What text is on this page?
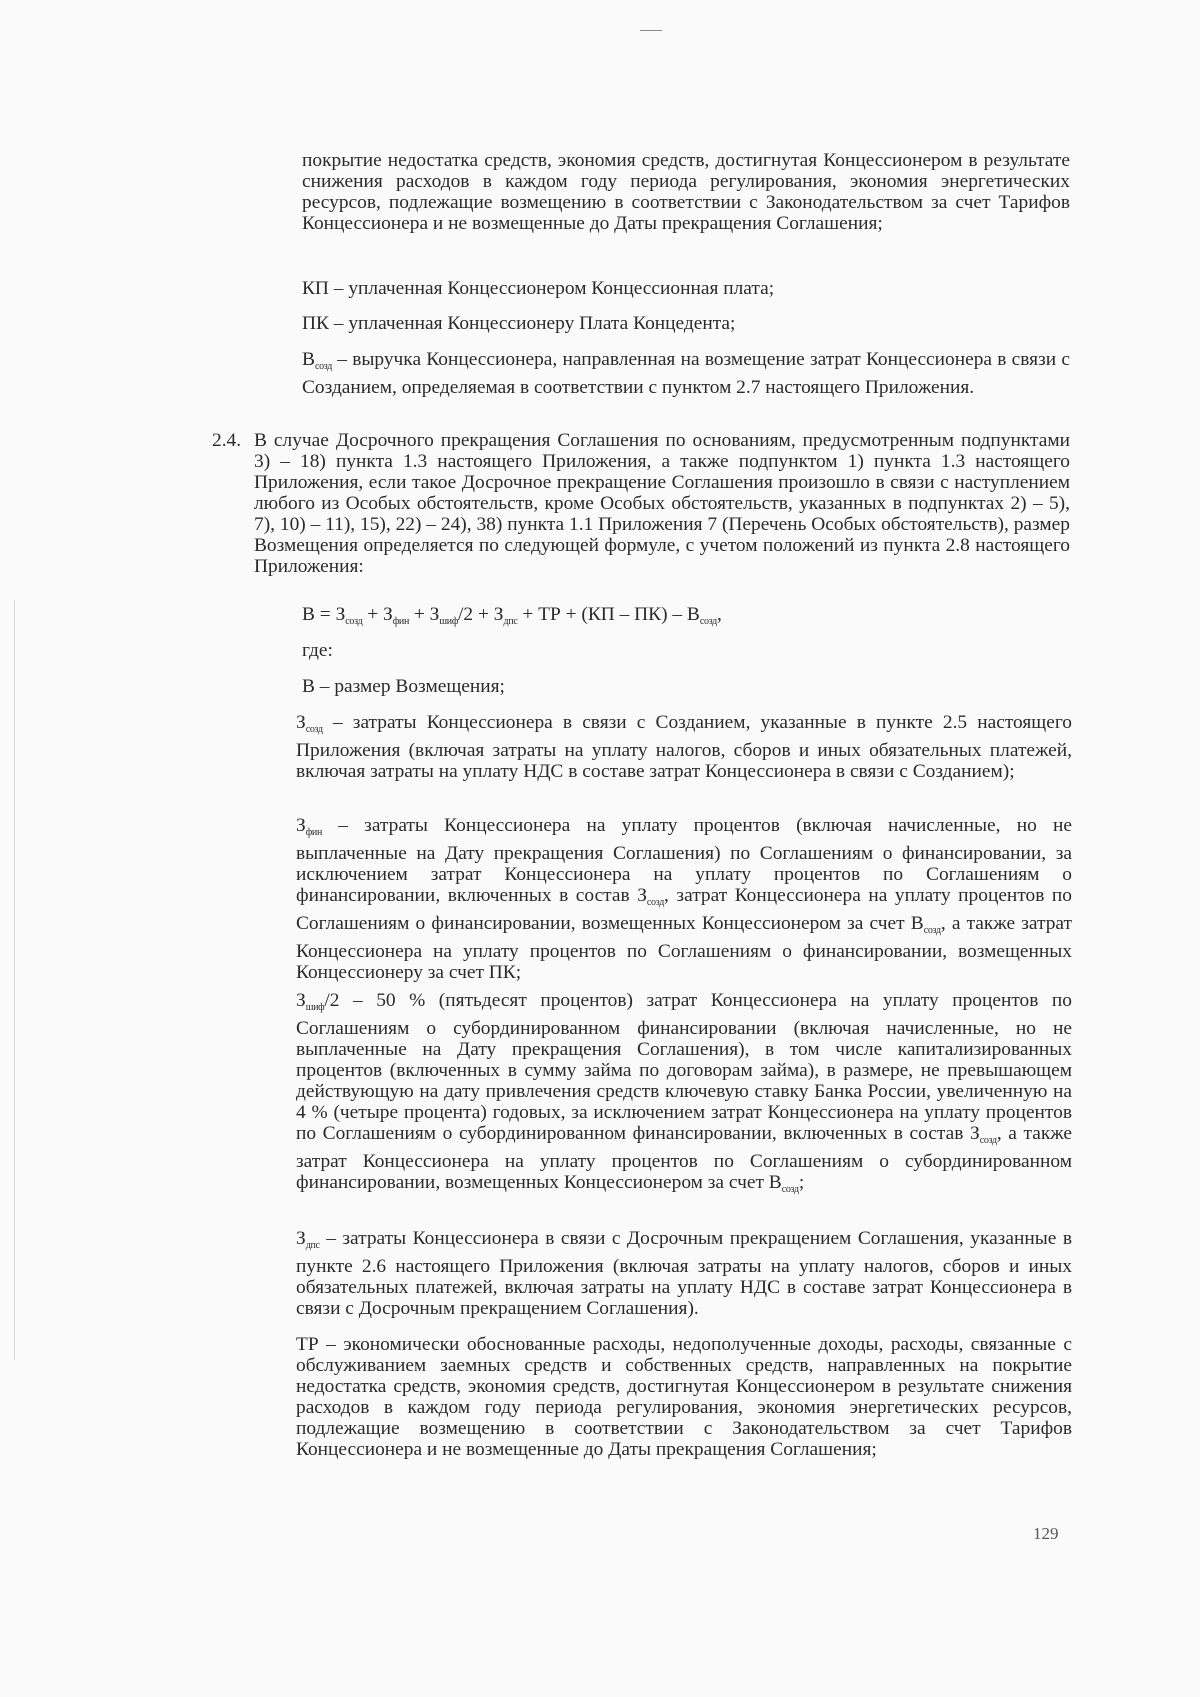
покрытие недостатка средств, экономия средств, достигнутая Концессионером в результате снижения расходов в каждом году периода регулирования, экономия энергетических ресурсов, подлежащие возмещению в соответствии с Законодательством за счет Тарифов Концессионера и не возмещенные до Даты прекращения Соглашения;

КП – уплаченная Концессионером Концессионная плата;

ПК – уплаченная Концессионеру Плата Концедента;

$В_{созд}$ – выручка Концессионера, направленная на возмещение затрат Концессионера в связи с Созданием, определяемая в соответствии с пунктом 2.7 настоящего Приложения.

2.4. В случае Досрочного прекращения Соглашения по основаниям, предусмотренным подпунктами 3) – 18) пункта 1.3 настоящего Приложения, а также подпунктом 1) пункта 1.3 настоящего Приложения, если такое Досрочное прекращение Соглашения произошло в связи с наступлением любого из Особых обстоятельств, кроме Особых обстоятельств, указанных в подпунктах 2) – 5), 7), 10) – 11), 15), 22) – 24), 38) пункта 1.1 Приложения 7 (Перечень Особых обстоятельств), размер Возмещения определяется по следующей формуле, с учетом положений из пункта 2.8 настоящего Приложения:

$В = З_{созд} + З_{фин} + З_{шиф}/2 + З_{дпс}$ + ТР + $(КП - ПК) - В_{созд}$,

где:

В – размер Возмещения;

$З_{созд}$ – затраты Концессионера в связи с Созданием, указанные в пункте 2.5 настоящего Приложения (включая затраты на уплату налогов, сборов и иных обязательных платежей, включая затраты на уплату НДС в составе затрат Концессионера в связи с Созданием);

$З_{фин}$ – затраты Концессионера на уплату процентов (включая начисленные, но не выплаченные на Дату прекращения Соглашения) по Соглашениям о финансировании, за исключением затрат Концессионера на уплату процентов по Соглашениям о финансировании, включенных в состав $З_{созд}$, затрат Концессионера на уплату процентов по Соглашениям о финансировании, возмещенных Концессионером за счет $В_{созд}$, а также затрат Концессионера на уплату процентов по Соглашениям о финансировании, возмещенных Концессионеру за счет ПК;

$З_{шиф}/2 - 50$ % (пятьдесят процентов) затрат Концессионера на уплату процентов по Соглашениям о субординированном финансировании (включая начисленные, но не выплаченные на Дату прекращения Соглашения), в том числе капитализированных процентов (включенных в сумму займа по договорам займа), в размере, не превышающем действующую на дату привлечения средств ключевую ставку Банка России, увеличенную на 4 % (четыре процента) годовых, за исключением затрат Концессионера на уплату процентов по Соглашениям о субординированном финансировании, включенных в состав $З_{созд}$, а также затрат Концессионера на уплату процентов по Соглашениям о субординированном финансировании, возмещенных Концессионером за счет $В_{созд}$;

$З_{дпс}$ – затраты Концессионера в связи с Досрочным прекращением Соглашения, указанные в пункте 2.6 настоящего Приложения (включая затраты на уплату налогов, сборов и иных обязательных платежей, включая затраты на уплату НДС в составе затрат Концессионера в связи с Досрочным прекращением Соглашения).

ТР – экономически обоснованные расходы, недополученные доходы, расходы, связанные с обслуживанием заемных средств и собственных средств, направленных на покрытие недостатка средств, экономия средств, достигнутая Концессионером в результате снижения расходов в каждом году периода регулирования, экономия энергетических ресурсов, подлежащие возмещению в соответствии с Законодательством за счет Тарифов Концессионера и не возмещенные до Даты прекращения Соглашения;

129
